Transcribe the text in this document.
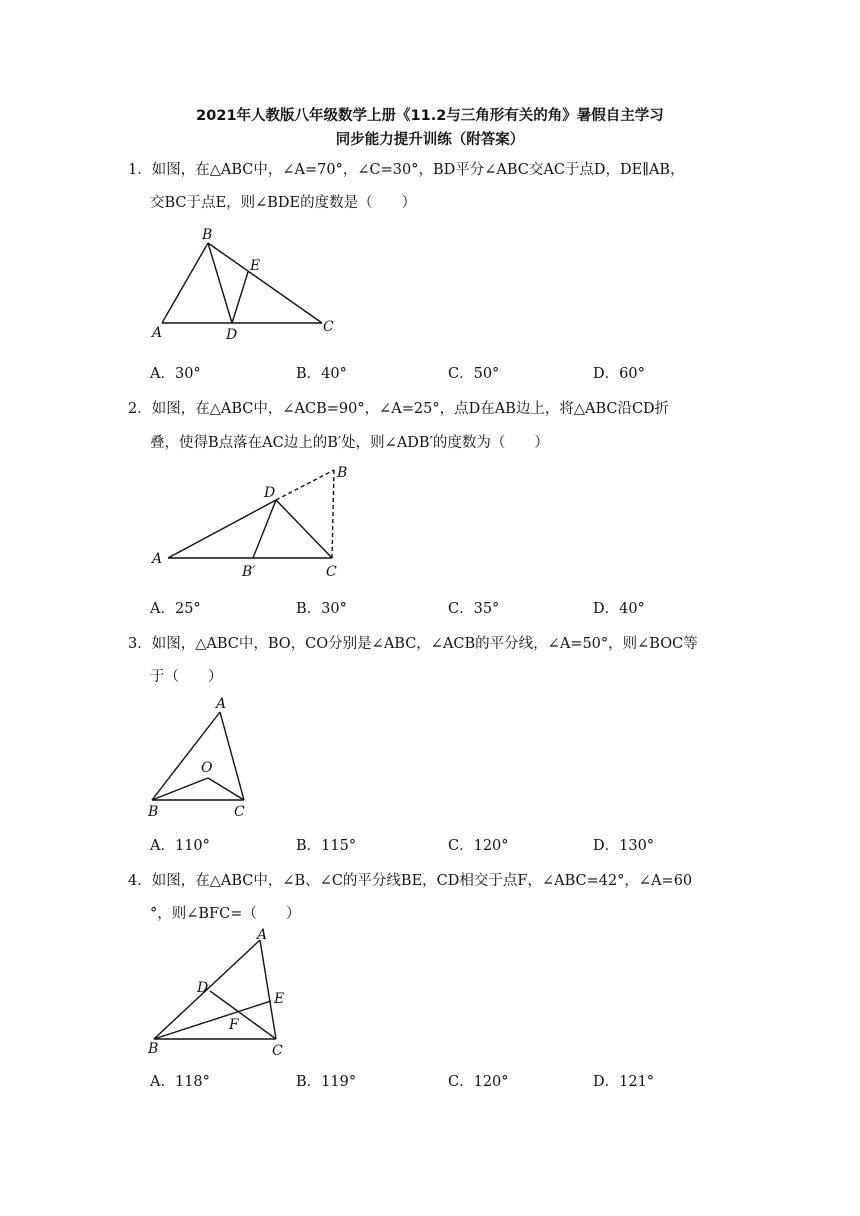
2021年人教版八年级数学上册《11.2与三角形有关的角》暑假自主学习
同步能力提升训练（附答案）
1．如图，在△ABC中，∠A=70°，∠C=30°，BD平分∠ABC交AC于点D，DE∥AB，
交BC于点E，则∠BDE的度数是（　　）
A
B
C
D
E
A．30°	B．40°	C．50°	D．60°
2．如图，在△ABC中，∠ACB=90°，∠A=25°，点D在AB边上，将△ABC沿CD折
叠，使得B点落在AC边上的B′处，则∠ADB′的度数为（　　）
A
B
C
D
B′
A．25°	B．30°	C．35°	D．40°
3．如图，△ABC中，BO，CO分别是∠ABC，∠ACB的平分线，∠A=50°，则∠BOC等
于（　　）
A
B	C
O
A．110°	B．115°	C．120°	D．130°
4．如图，在△ABC中，∠B、∠C的平分线BE，CD相交于点F，∠ABC=42°，∠A=60
°，则∠BFC=（　　）
A
B	C
D
E
F
A．118°	B．119°	C．120°	D．121°
